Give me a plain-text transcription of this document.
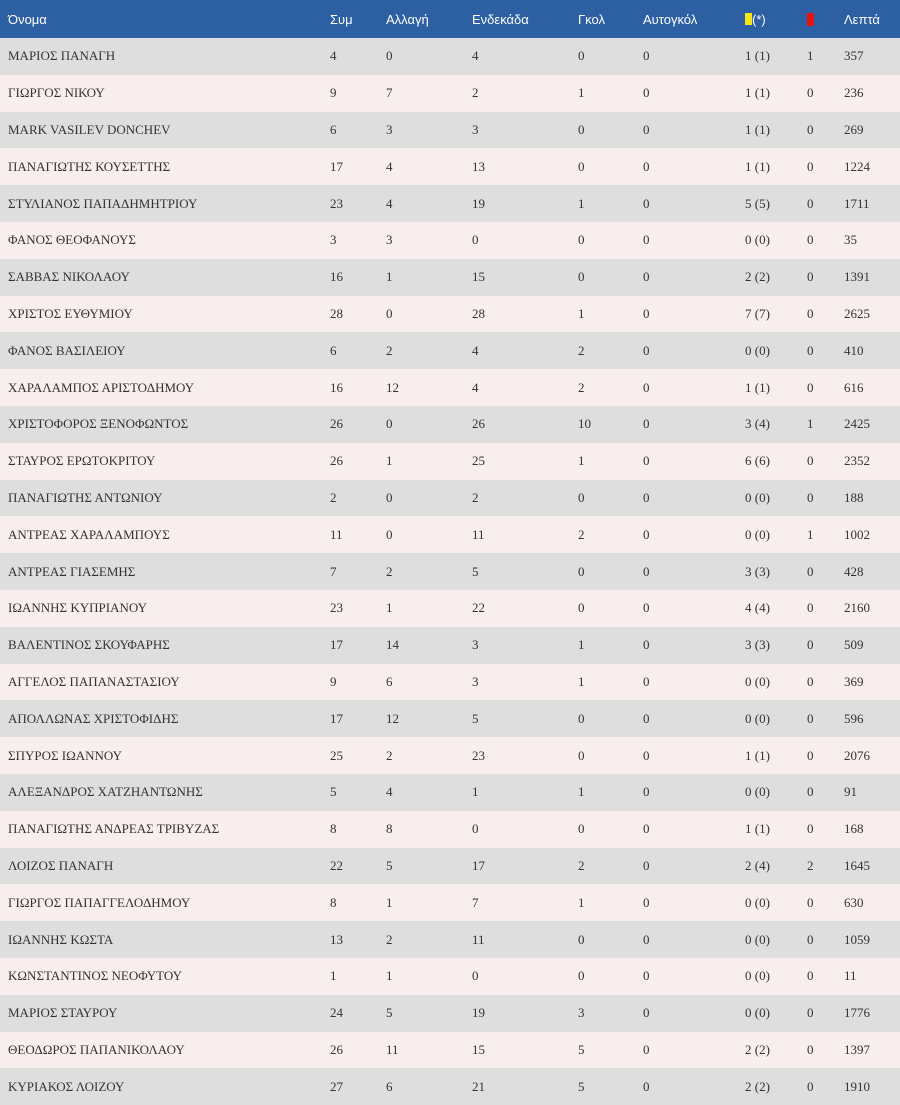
Όνομα	Συμ	Αλλαγή	Ενδεκάδα	Γκολ	Αυτογκόλ	(*)		Λεπτά
ΜΑΡΙΟΣ ΠΑΝΑΓΗ	4	0	4	0	0	1 (1)	1	357
ΓΙΩΡΓΟΣ ΝΙΚΟΥ	9	7	2	1	0	1 (1)	0	236
MARK VASILEV DONCHEV	6	3	3	0	0	1 (1)	0	269
ΠΑΝΑΓΙΩΤΗΣ ΚΟΥΣΕΤΤΗΣ	17	4	13	0	0	1 (1)	0	1224
ΣΤΥΛΙΑΝΟΣ ΠΑΠΑΔΗΜΗΤΡΙΟΥ	23	4	19	1	0	5 (5)	0	1711
ΦΑΝΟΣ ΘΕΟΦΑΝΟΥΣ	3	3	0	0	0	0 (0)	0	35
ΣΑΒΒΑΣ ΝΙΚΟΛΑΟΥ	16	1	15	0	0	2 (2)	0	1391
ΧΡΙΣΤΟΣ ΕΥΘΥΜΙΟΥ	28	0	28	1	0	7 (7)	0	2625
ΦΑΝΟΣ ΒΑΣΙΛΕΙΟΥ	6	2	4	2	0	0 (0)	0	410
ΧΑΡΑΛΑΜΠΟΣ ΑΡΙΣΤΟΔΗΜΟΥ	16	12	4	2	0	1 (1)	0	616
ΧΡΙΣΤΟΦΟΡΟΣ ΞΕΝΟΦΩΝΤΟΣ	26	0	26	10	0	3 (4)	1	2425
ΣΤΑΥΡΟΣ ΕΡΩΤΟΚΡΙΤΟΥ	26	1	25	1	0	6 (6)	0	2352
ΠΑΝΑΓΙΩΤΗΣ ΑΝΤΩΝΙΟΥ	2	0	2	0	0	0 (0)	0	188
ΑΝΤΡΕΑΣ ΧΑΡΑΛΑΜΠΟΥΣ	11	0	11	2	0	0 (0)	1	1002
ΑΝΤΡΕΑΣ ΓΙΑΣΕΜΗΣ	7	2	5	0	0	3 (3)	0	428
ΙΩΑΝΝΗΣ ΚΥΠΡΙΑΝΟΥ	23	1	22	0	0	4 (4)	0	2160
ΒΑΛΕΝΤΙΝΟΣ ΣΚΟΥΦΑΡΗΣ	17	14	3	1	0	3 (3)	0	509
ΑΓΓΕΛΟΣ ΠΑΠΑΝΑΣΤΑΣΙΟΥ	9	6	3	1	0	0 (0)	0	369
ΑΠΟΛΛΩΝΑΣ ΧΡΙΣΤΟΦΙΔΗΣ	17	12	5	0	0	0 (0)	0	596
ΣΠΥΡΟΣ ΙΩΑΝΝΟΥ	25	2	23	0	0	1 (1)	0	2076
ΑΛΕΞΑΝΔΡΟΣ ΧΑΤΖΗΑΝΤΩΝΗΣ	5	4	1	1	0	0 (0)	0	91
ΠΑΝΑΓΙΩΤΗΣ ΑΝΔΡΕΑΣ ΤΡΙΒΥΖΑΣ	8	8	0	0	0	1 (1)	0	168
ΛΟΙΖΟΣ ΠΑΝΑΓΗ	22	5	17	2	0	2 (4)	2	1645
ΓΙΩΡΓΟΣ ΠΑΠΑΓΓΕΛΟΔΗΜΟΥ	8	1	7	1	0	0 (0)	0	630
ΙΩΑΝΝΗΣ ΚΩΣΤΑ	13	2	11	0	0	0 (0)	0	1059
ΚΩΝΣΤΑΝΤΙΝΟΣ ΝΕΟΦΥΤΟΥ	1	1	0	0	0	0 (0)	0	11
ΜΑΡΙΟΣ ΣΤΑΥΡΟΥ	24	5	19	3	0	0 (0)	0	1776
ΘΕΟΔΩΡΟΣ ΠΑΠΑΝΙΚΟΛΑΟΥ	26	11	15	5	0	2 (2)	0	1397
ΚΥΡΙΑΚΟΣ ΛΟΙΖΟΥ	27	6	21	5	0	2 (2)	0	1910
